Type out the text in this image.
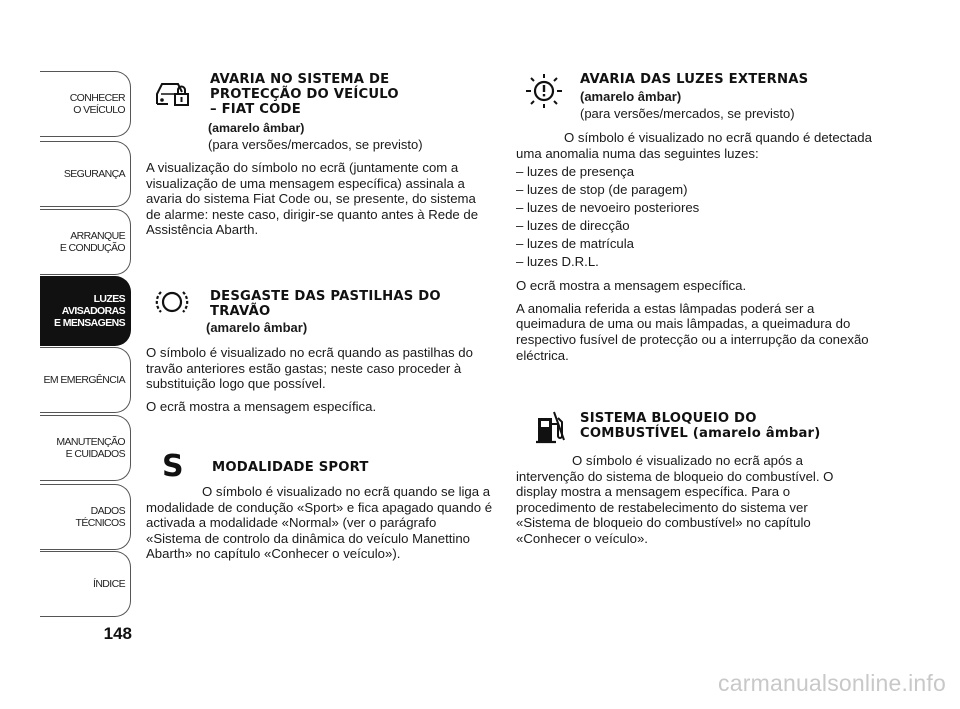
CONHECER
O VEÍCULO
SEGURANÇA
ARRANQUE
E CONDUÇÃO
LUZES
AVISADORAS
E MENSAGENS
EM EMERGÊNCIA
MANUTENÇÃO
E CUIDADOS
DADOS
TÉCNICOS
ÍNDICE
148
AVARIA NO SISTEMA DE
PROTECÇÃO DO VEÍCULO
– FIAT CODE
(amarelo âmbar)
(para versões/mercados, se previsto)

A visualização do símbolo no ecrã (juntamente com a visualização de uma mensagem específica) assinala a avaria do sistema Fiat Code ou, se presente, do sistema de alarme: neste caso, dirigir-se quanto antes à Rede de Assistência Abarth.

DESGASTE DAS PASTILHAS DO
TRAVÃO
(amarelo âmbar)

O símbolo é visualizado no ecrã quando as pastilhas do travão anteriores estão gastas; neste caso proceder à substituição logo que possível.

O ecrã mostra a mensagem específica.

S MODALIDADE SPORT

O símbolo é visualizado no ecrã quando se liga a modalidade de condução «Sport» e fica apagado quando é activada a modalidade «Normal» (ver o parágrafo «Sistema de controlo da dinâmica do veículo Manettino Abarth» no capítulo «Conhecer o veículo»).

AVARIA DAS LUZES EXTERNAS
(amarelo âmbar)
(para versões/mercados, se previsto)

O símbolo é visualizado no ecrã quando é detectada uma anomalia numa das seguintes luzes:

– luzes de presença
– luzes de stop (de paragem)
– luzes de nevoeiro posteriores
– luzes de direcção
– luzes de matrícula
– luzes D.R.L.

O ecrã mostra a mensagem específica.

A anomalia referida a estas lâmpadas poderá ser a queimadura de uma ou mais lâmpadas, a queimadura do respectivo fusível de protecção ou a interrupção da conexão eléctrica.

SISTEMA BLOQUEIO DO
COMBUSTÍVEL (amarelo âmbar)

O símbolo é visualizado no ecrã após a intervenção do sistema de bloqueio do combustível. O display mostra a mensagem específica. Para o procedimento de restabelecimento do sistema ver «Sistema de bloqueio do combustível» no capítulo «Conhecer o veículo».

carmanualsonline.info
